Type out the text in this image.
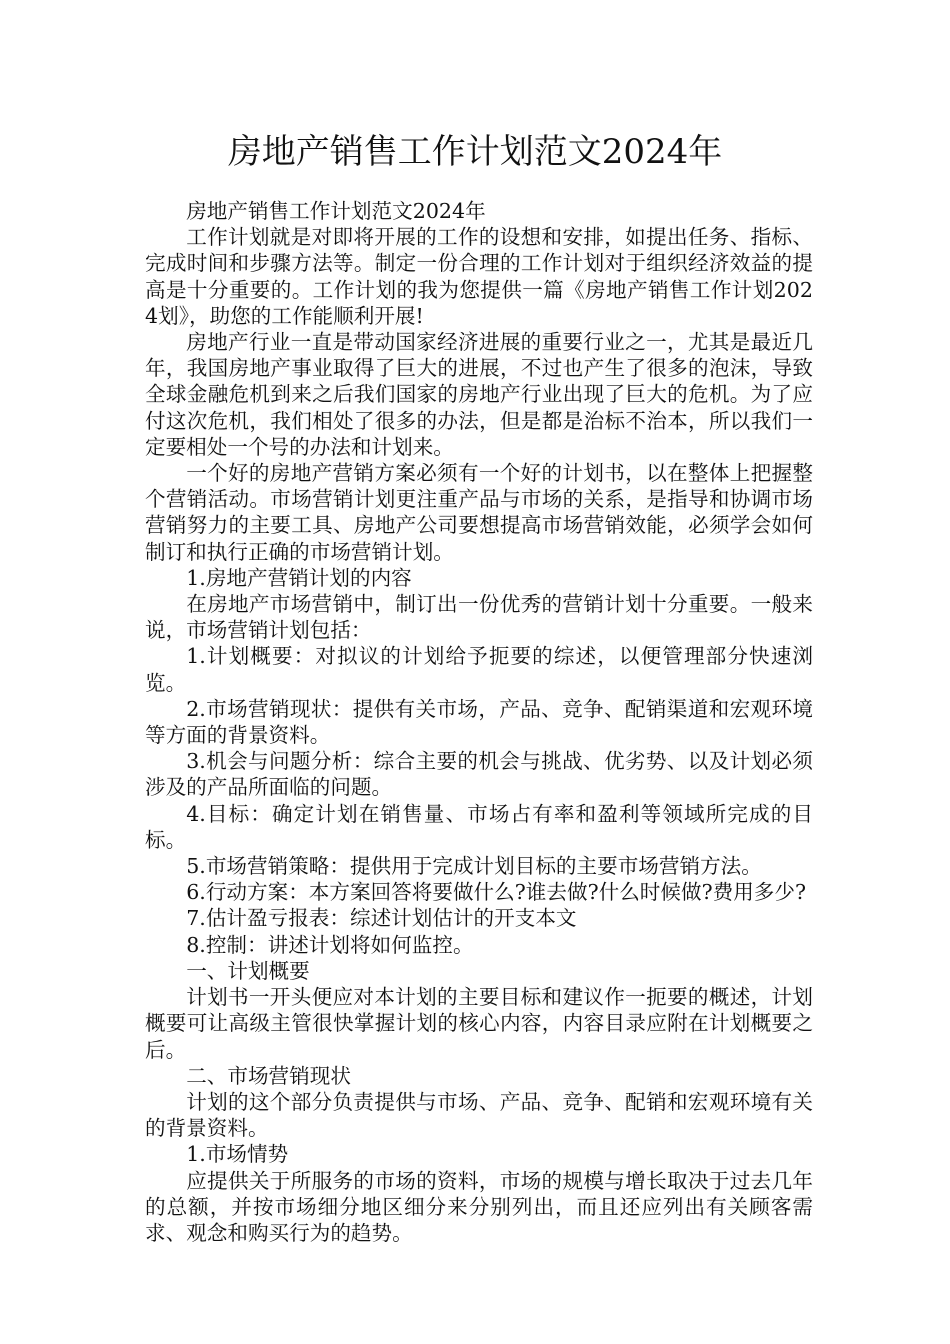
房地产销售工作计划范文2024年

房地产销售工作计划范文2024年

工作计划就是对即将开展的工作的设想和安排，如提出任务、指标、完成时间和步骤方法等。制定一份合理的工作计划对于组织经济效益的提高是十分重要的。工作计划的我为您提供一篇《房地产销售工作计划2024划》，助您的工作能顺利开展!

房地产行业一直是带动国家经济进展的重要行业之一，尤其是最近几年，我国房地产事业取得了巨大的进展，不过也产生了很多的泡沫，导致全球金融危机到来之后我们国家的房地产行业出现了巨大的危机。为了应付这次危机，我们相处了很多的办法，但是都是治标不治本，所以我们一定要相处一个号的办法和计划来。

一个好的房地产营销方案必须有一个好的计划书，以在整体上把握整个营销活动。市场营销计划更注重产品与市场的关系，是指导和协调市场营销努力的主要工具、房地产公司要想提高市场营销效能，必须学会如何制订和执行正确的市场营销计划。

1.房地产营销计划的内容

在房地产市场营销中，制订出一份优秀的营销计划十分重要。一般来说，市场营销计划包括：

1.计划概要：对拟议的计划给予扼要的综述，以便管理部分快速浏览。

2.市场营销现状：提供有关市场，产品、竞争、配销渠道和宏观环境等方面的背景资料。

3.机会与问题分析：综合主要的机会与挑战、优劣势、以及计划必须涉及的产品所面临的问题。

4.目标：确定计划在销售量、市场占有率和盈利等领域所完成的目标。

5.市场营销策略：提供用于完成计划目标的主要市场营销方法。

6.行动方案：本方案回答将要做什么?谁去做?什么时候做?费用多少?

7.估计盈亏报表：综述计划估计的开支本文

8.控制：讲述计划将如何监控。

一、计划概要

计划书一开头便应对本计划的主要目标和建议作一扼要的概述，计划概要可让高级主管很快掌握计划的核心内容，内容目录应附在计划概要之后。

二、市场营销现状

计划的这个部分负责提供与市场、产品、竞争、配销和宏观环境有关的背景资料。

1.市场情势

应提供关于所服务的市场的资料，市场的规模与增长取决于过去几年的总额，并按市场细分地区细分来分别列出，而且还应列出有关顾客需求、观念和购买行为的趋势。
